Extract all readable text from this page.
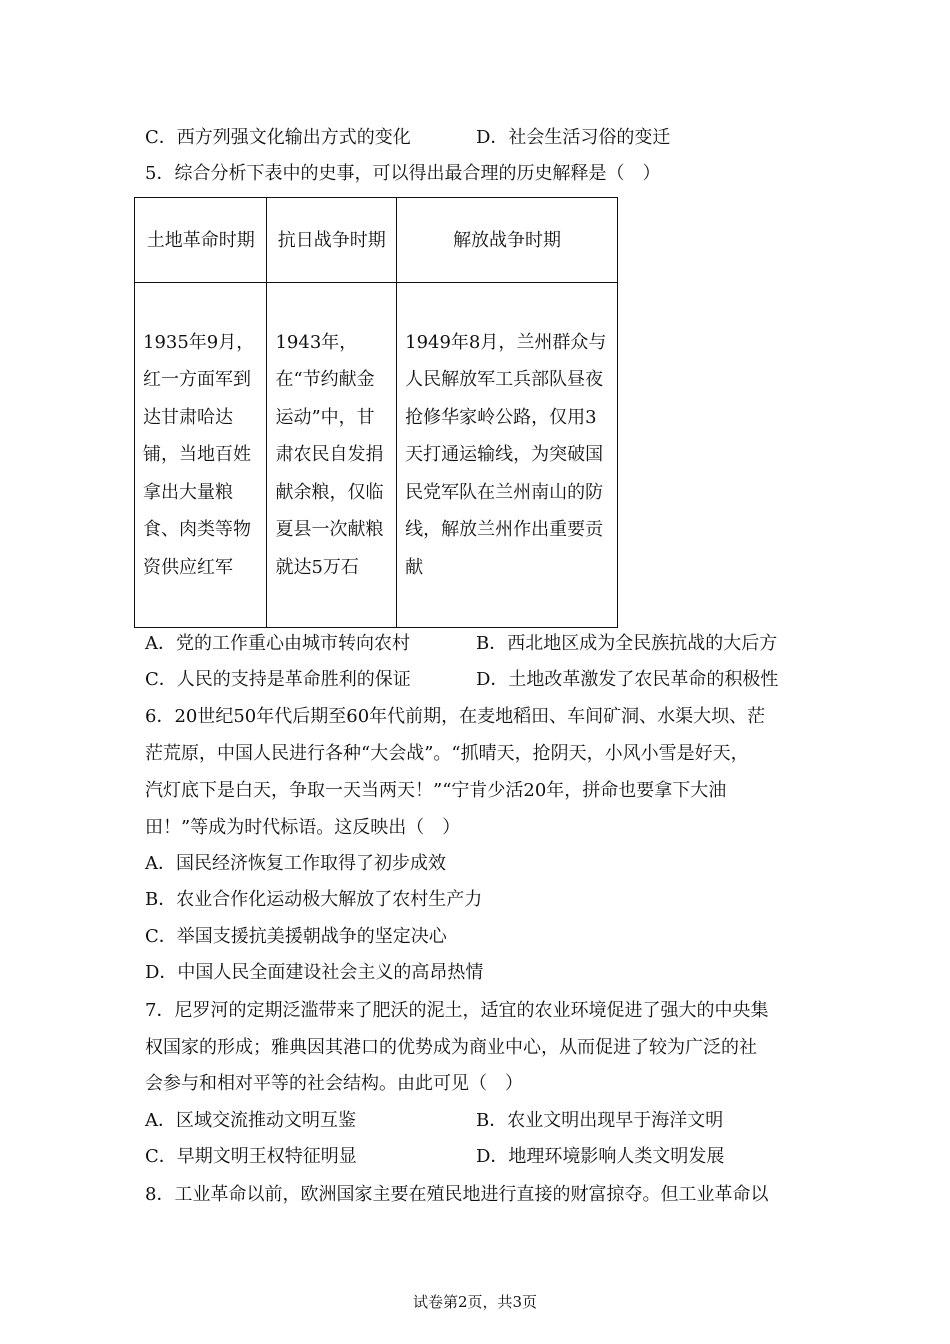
C．西方列强文化输出方式的变化	D．社会生活习俗的变迁
5．综合分析下表中的史事，可以得出最合理的历史解释是（　）
土地革命时期	抗日战争时期	解放战争时期
1935年9月，红一方面军到达甘肃哈达铺，当地百姓拿出大量粮食、肉类等物资供应红军	1943年，在“节约献金运动”中，甘肃农民自发捐献余粮，仅临夏县一次献粮就达5万石	1949年8月，兰州群众与人民解放军工兵部队昼夜抢修华家岭公路，仅用3天打通运输线，为突破国民党军队在兰州南山的防线，解放兰州作出重要贡献
A．党的工作重心由城市转向农村	B．西北地区成为全民族抗战的大后方
C．人民的支持是革命胜利的保证	D．土地改革激发了农民革命的积极性
6．20世纪50年代后期至60年代前期，在麦地稻田、车间矿洞、水渠大坝、茫
茫荒原，中国人民进行各种“大会战”。“抓晴天，抢阴天，小风小雪是好天，
汽灯底下是白天，争取一天当两天！”“宁肯少活20年，拼命也要拿下大油
田！”等成为时代标语。这反映出（　）
A．国民经济恢复工作取得了初步成效
B．农业合作化运动极大解放了农村生产力
C．举国支援抗美援朝战争的坚定决心
D．中国人民全面建设社会主义的高昂热情
7．尼罗河的定期泛滥带来了肥沃的泥土，适宜的农业环境促进了强大的中央集
权国家的形成；雅典因其港口的优势成为商业中心，从而促进了较为广泛的社
会参与和相对平等的社会结构。由此可见（　）
A．区域交流推动文明互鉴	B．农业文明出现早于海洋文明
C．早期文明王权特征明显	D．地理环境影响人类文明发展
8．工业革命以前，欧洲国家主要在殖民地进行直接的财富掠夺。但工业革命以
试卷第2页，共3页
